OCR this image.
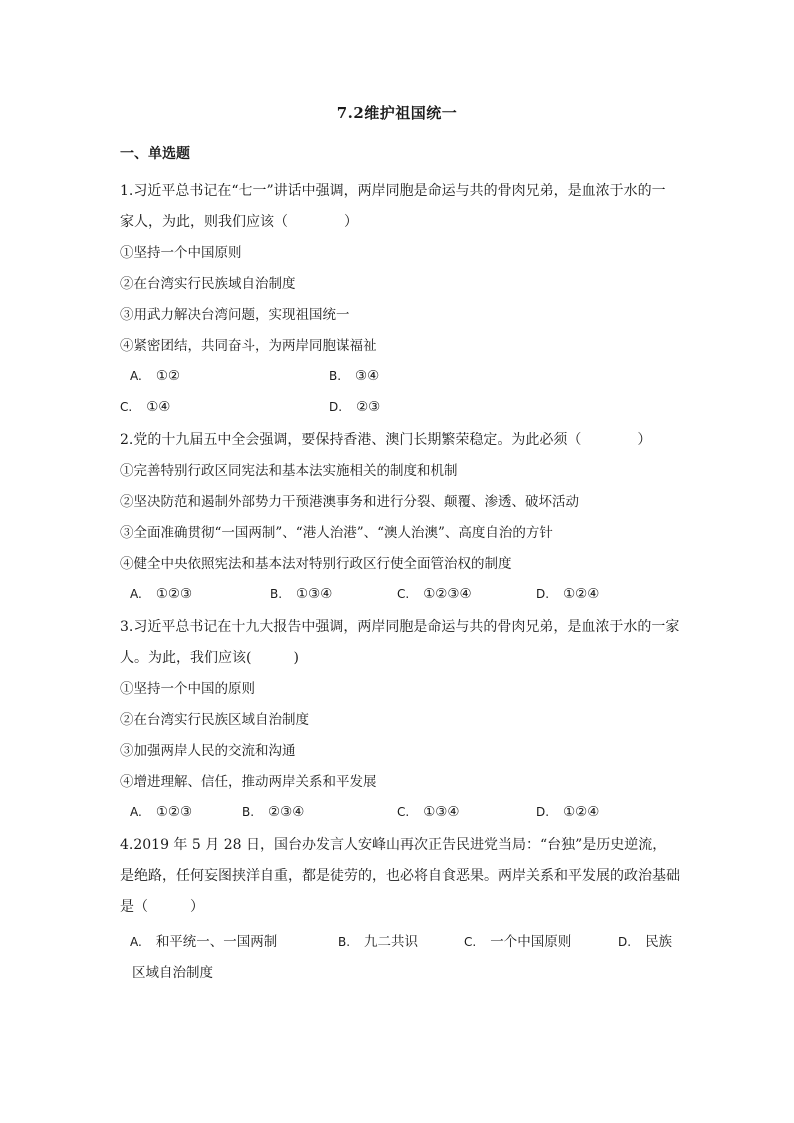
7.2维护祖国统一
一、单选题
1.习近平总书记在“七一”讲话中强调，两岸同胞是命运与共的骨肉兄弟，是血浓于水的一
家人，为此，则我们应该（　　　　）
①坚持一个中国原则
②在台湾实行民族域自治制度
③用武力解决台湾问题，实现祖国统一
④紧密团结，共同奋斗，为两岸同胞谋福祉
A. ①②	B. ③④
C. ①④	D. ②③
2.党的十九届五中全会强调，要保持香港、澳门长期繁荣稳定。为此必须（　　　　）
①完善特别行政区同宪法和基本法实施相关的制度和机制
②坚决防范和遏制外部势力干预港澳事务和进行分裂、颠覆、渗透、破坏活动
③全面准确贯彻“一国两制”、“港人治港”、“澳人治澳”、高度自治的方针
④健全中央依照宪法和基本法对特别行政区行使全面管治权的制度
A. ①②③	B. ①③④	C. ①②③④	D. ①②④
3.习近平总书记在十九大报告中强调，两岸同胞是命运与共的骨肉兄弟，是血浓于水的一家
人。为此，我们应该(　　　)
①坚持一个中国的原则
②在台湾实行民族区域自治制度
③加强两岸人民的交流和沟通
④增进理解、信任，推动两岸关系和平发展
A. ①②③	B. ②③④	C. ①③④	D. ①②④
4.2019 年 5 月 28 日，国台办发言人安峰山再次正告民进党当局：“台独”是历史逆流，
是绝路，任何妄图挟洋自重，都是徒劳的，也必将自食恶果。两岸关系和平发展的政治基础
是（　　　）
A. 和平统一、一国两制	B. 九二共识	C. 一个中国原则	D. 民族
区域自治制度
